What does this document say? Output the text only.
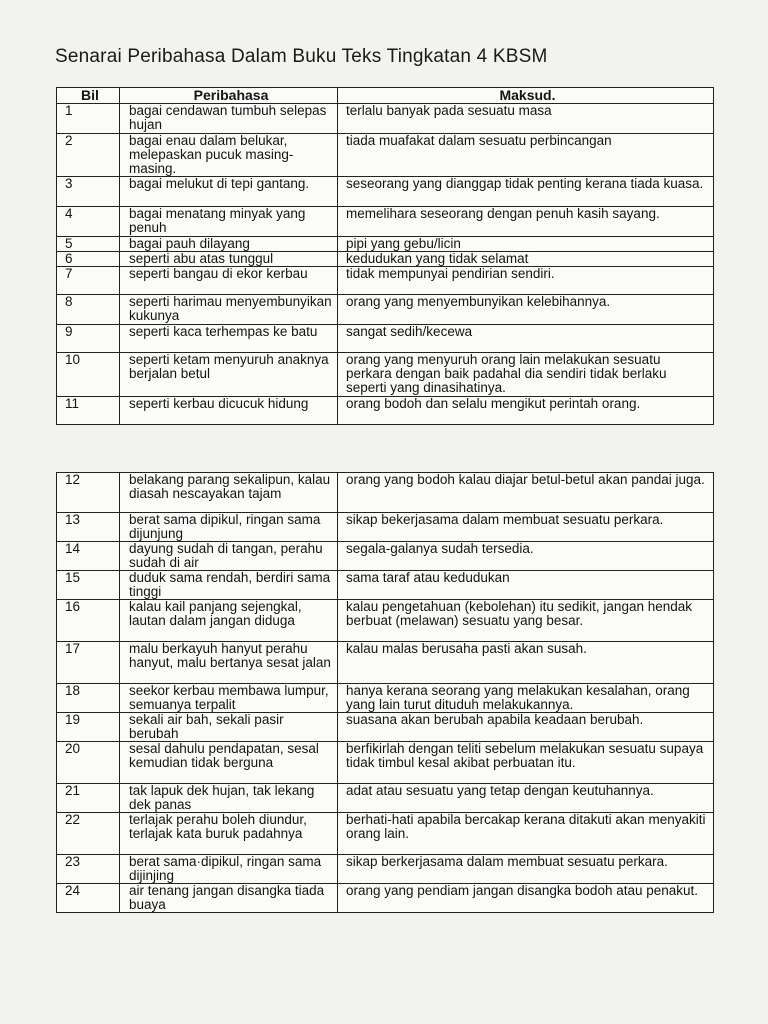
Senarai Peribahasa Dalam Buku Teks Tingkatan 4 KBSM
Bil	Peribahasa	Maksud.
1	bagai cendawan tumbuh selepas hujan	terlalu banyak pada sesuatu masa
2	bagai enau dalam belukar, melepaskan pucuk masing-masing.	tiada muafakat dalam sesuatu perbincangan
3	bagai melukut di tepi gantang.	seseorang yang dianggap tidak penting kerana tiada kuasa.
4	bagai menatang minyak yang penuh	memelihara seseorang dengan penuh kasih sayang.
5	bagai pauh dilayang	pipi yang gebu/licin
6	seperti abu atas tunggul	kedudukan yang tidak selamat
7	seperti bangau di ekor kerbau	tidak mempunyai pendirian sendiri.
8	seperti harimau menyembunyikan kukunya	orang yang menyembunyikan kelebihannya.
9	seperti kaca terhempas ke batu	sangat sedih/kecewa
10	seperti ketam menyuruh anaknya berjalan betul	orang yang menyuruh orang lain melakukan sesuatu perkara dengan baik padahal dia sendiri tidak berlaku seperti yang dinasihatinya.
11	seperti kerbau dicucuk hidung	orang bodoh dan selalu mengikut perintah orang.
12	belakang parang sekalipun, kalau diasah nescayakan tajam	orang yang bodoh kalau diajar betul-betul akan pandai juga.
13	berat sama dipikul, ringan sama dijunjung	sikap bekerjasama dalam membuat sesuatu perkara.
14	dayung sudah di tangan, perahu sudah di air	segala-galanya sudah tersedia.
15	duduk sama rendah, berdiri sama tinggi	sama taraf atau kedudukan
16	kalau kail panjang sejengkal, lautan dalam jangan diduga	kalau pengetahuan (kebolehan) itu sedikit, jangan hendak berbuat (melawan) sesuatu yang besar.
17	malu berkayuh hanyut perahu hanyut, malu bertanya sesat jalan	kalau malas berusaha pasti akan susah.
18	seekor kerbau membawa lumpur, semuanya terpalit	hanya kerana seorang yang melakukan kesalahan, orang yang lain turut dituduh melakukannya.
19	sekali air bah, sekali pasir berubah	suasana akan berubah apabila keadaan berubah.
20	sesal dahulu pendapatan, sesal kemudian tidak berguna	berfikirlah dengan teliti sebelum melakukan sesuatu supaya tidak timbul kesal akibat perbuatan itu.
21	tak lapuk dek hujan, tak lekang dek panas	adat atau sesuatu yang tetap dengan keutuhannya.
22	terlajak perahu boleh diundur, terlajak kata buruk padahnya	berhati-hati apabila bercakap kerana ditakuti akan menyakiti orang lain.
23	berat sama·dipikul, ringan sama dijinjing	sikap berkerjasama dalam membuat sesuatu perkara.
24	air tenang jangan disangka tiada buaya	orang yang pendiam jangan disangka bodoh atau penakut.
